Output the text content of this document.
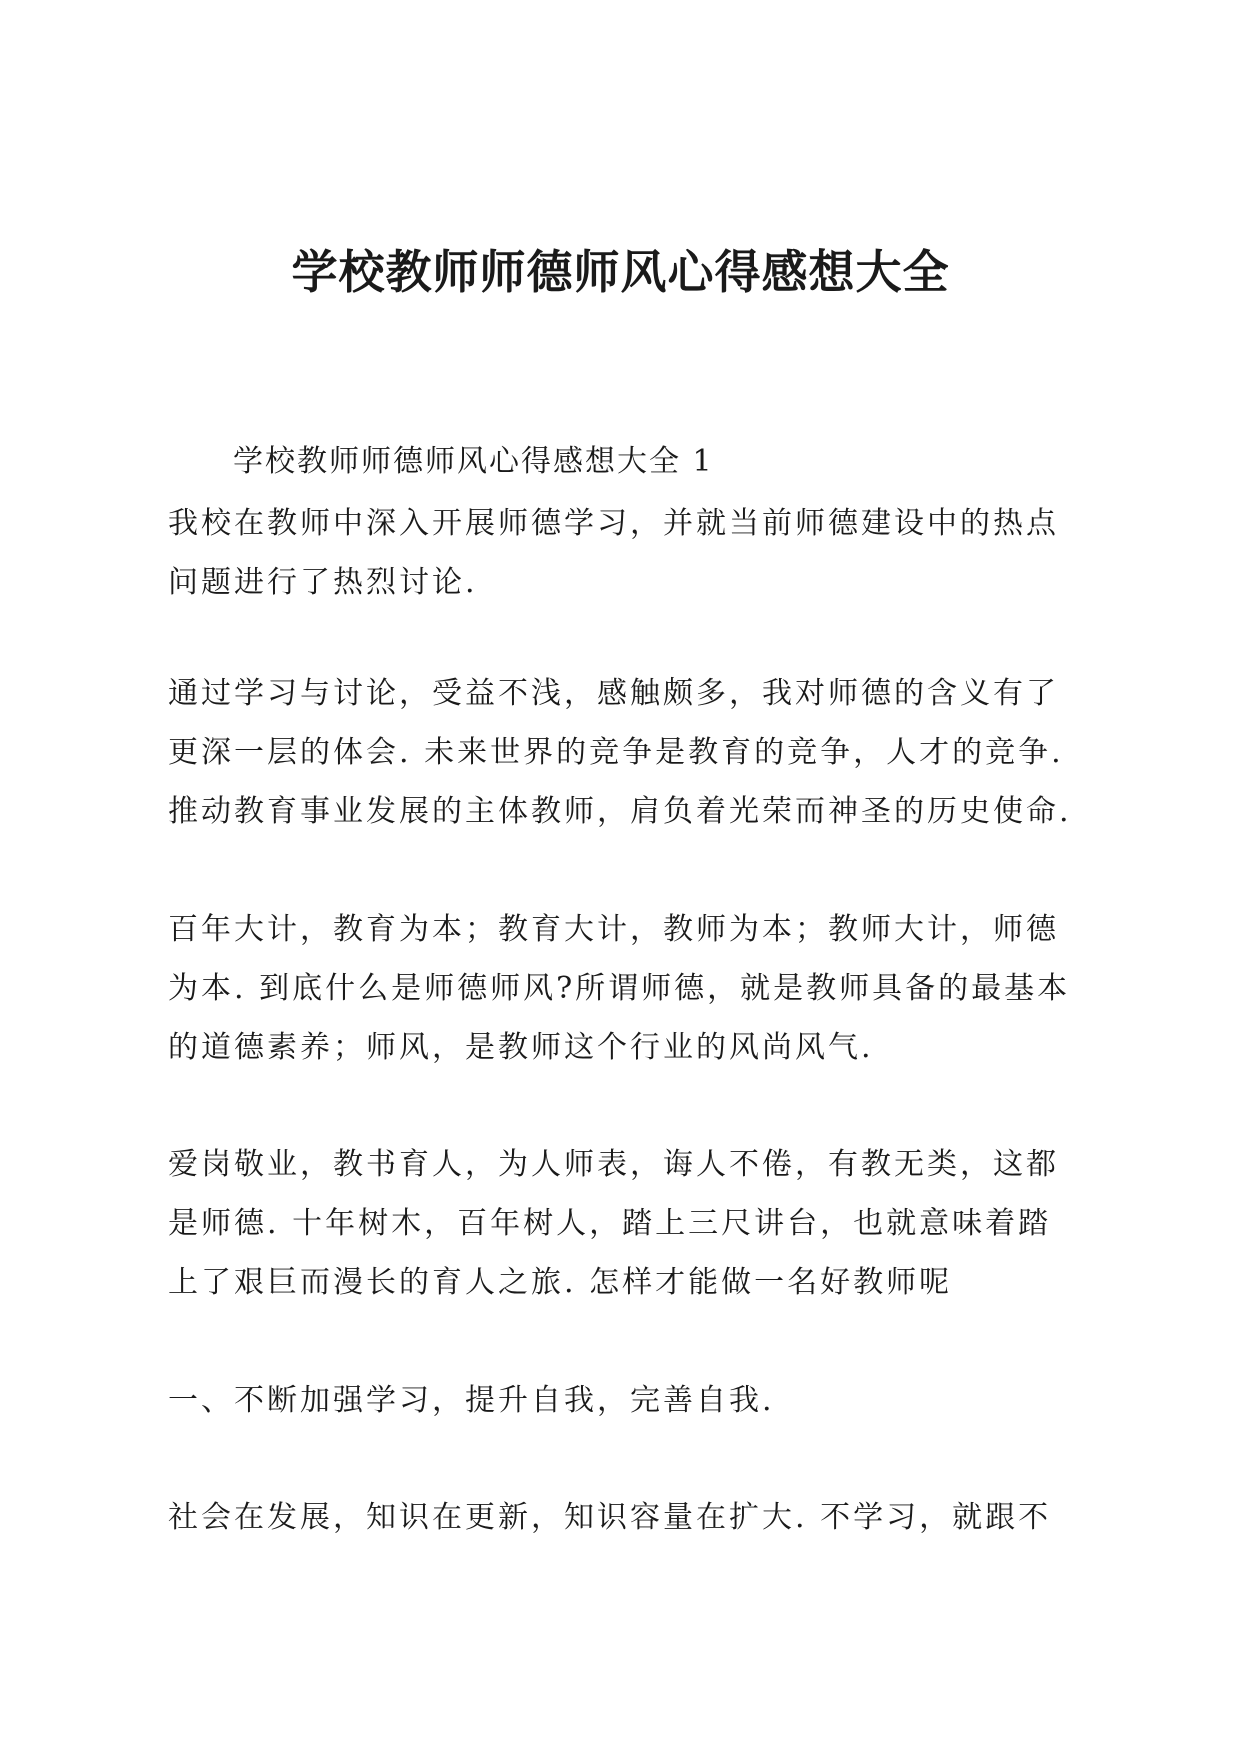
学校教师师德师风心得感想大全
学校教师师德师风心得感想大全 1

我校在教师中深入开展师德学习，并就当前师德建设中的热点
问题进行了热烈讨论.

通过学习与讨论，受益不浅，感触颇多，我对师德的含义有了
更深一层的体会. 未来世界的竞争是教育的竞争，人才的竞争.
推动教育事业发展的主体教师，肩负着光荣而神圣的历史使命.

百年大计，教育为本；教育大计，教师为本；教师大计，师德
为本. 到底什么是师德师风?所谓师德，就是教师具备的最基本
的道德素养；师风，是教师这个行业的风尚风气.

爱岗敬业，教书育人，为人师表，诲人不倦，有教无类，这都
是师德. 十年树木，百年树人，踏上三尺讲台，也就意味着踏
上了艰巨而漫长的育人之旅. 怎样才能做一名好教师呢

一、不断加强学习，提升自我，完善自我.

社会在发展，知识在更新，知识容量在扩大. 不学习，就跟不
